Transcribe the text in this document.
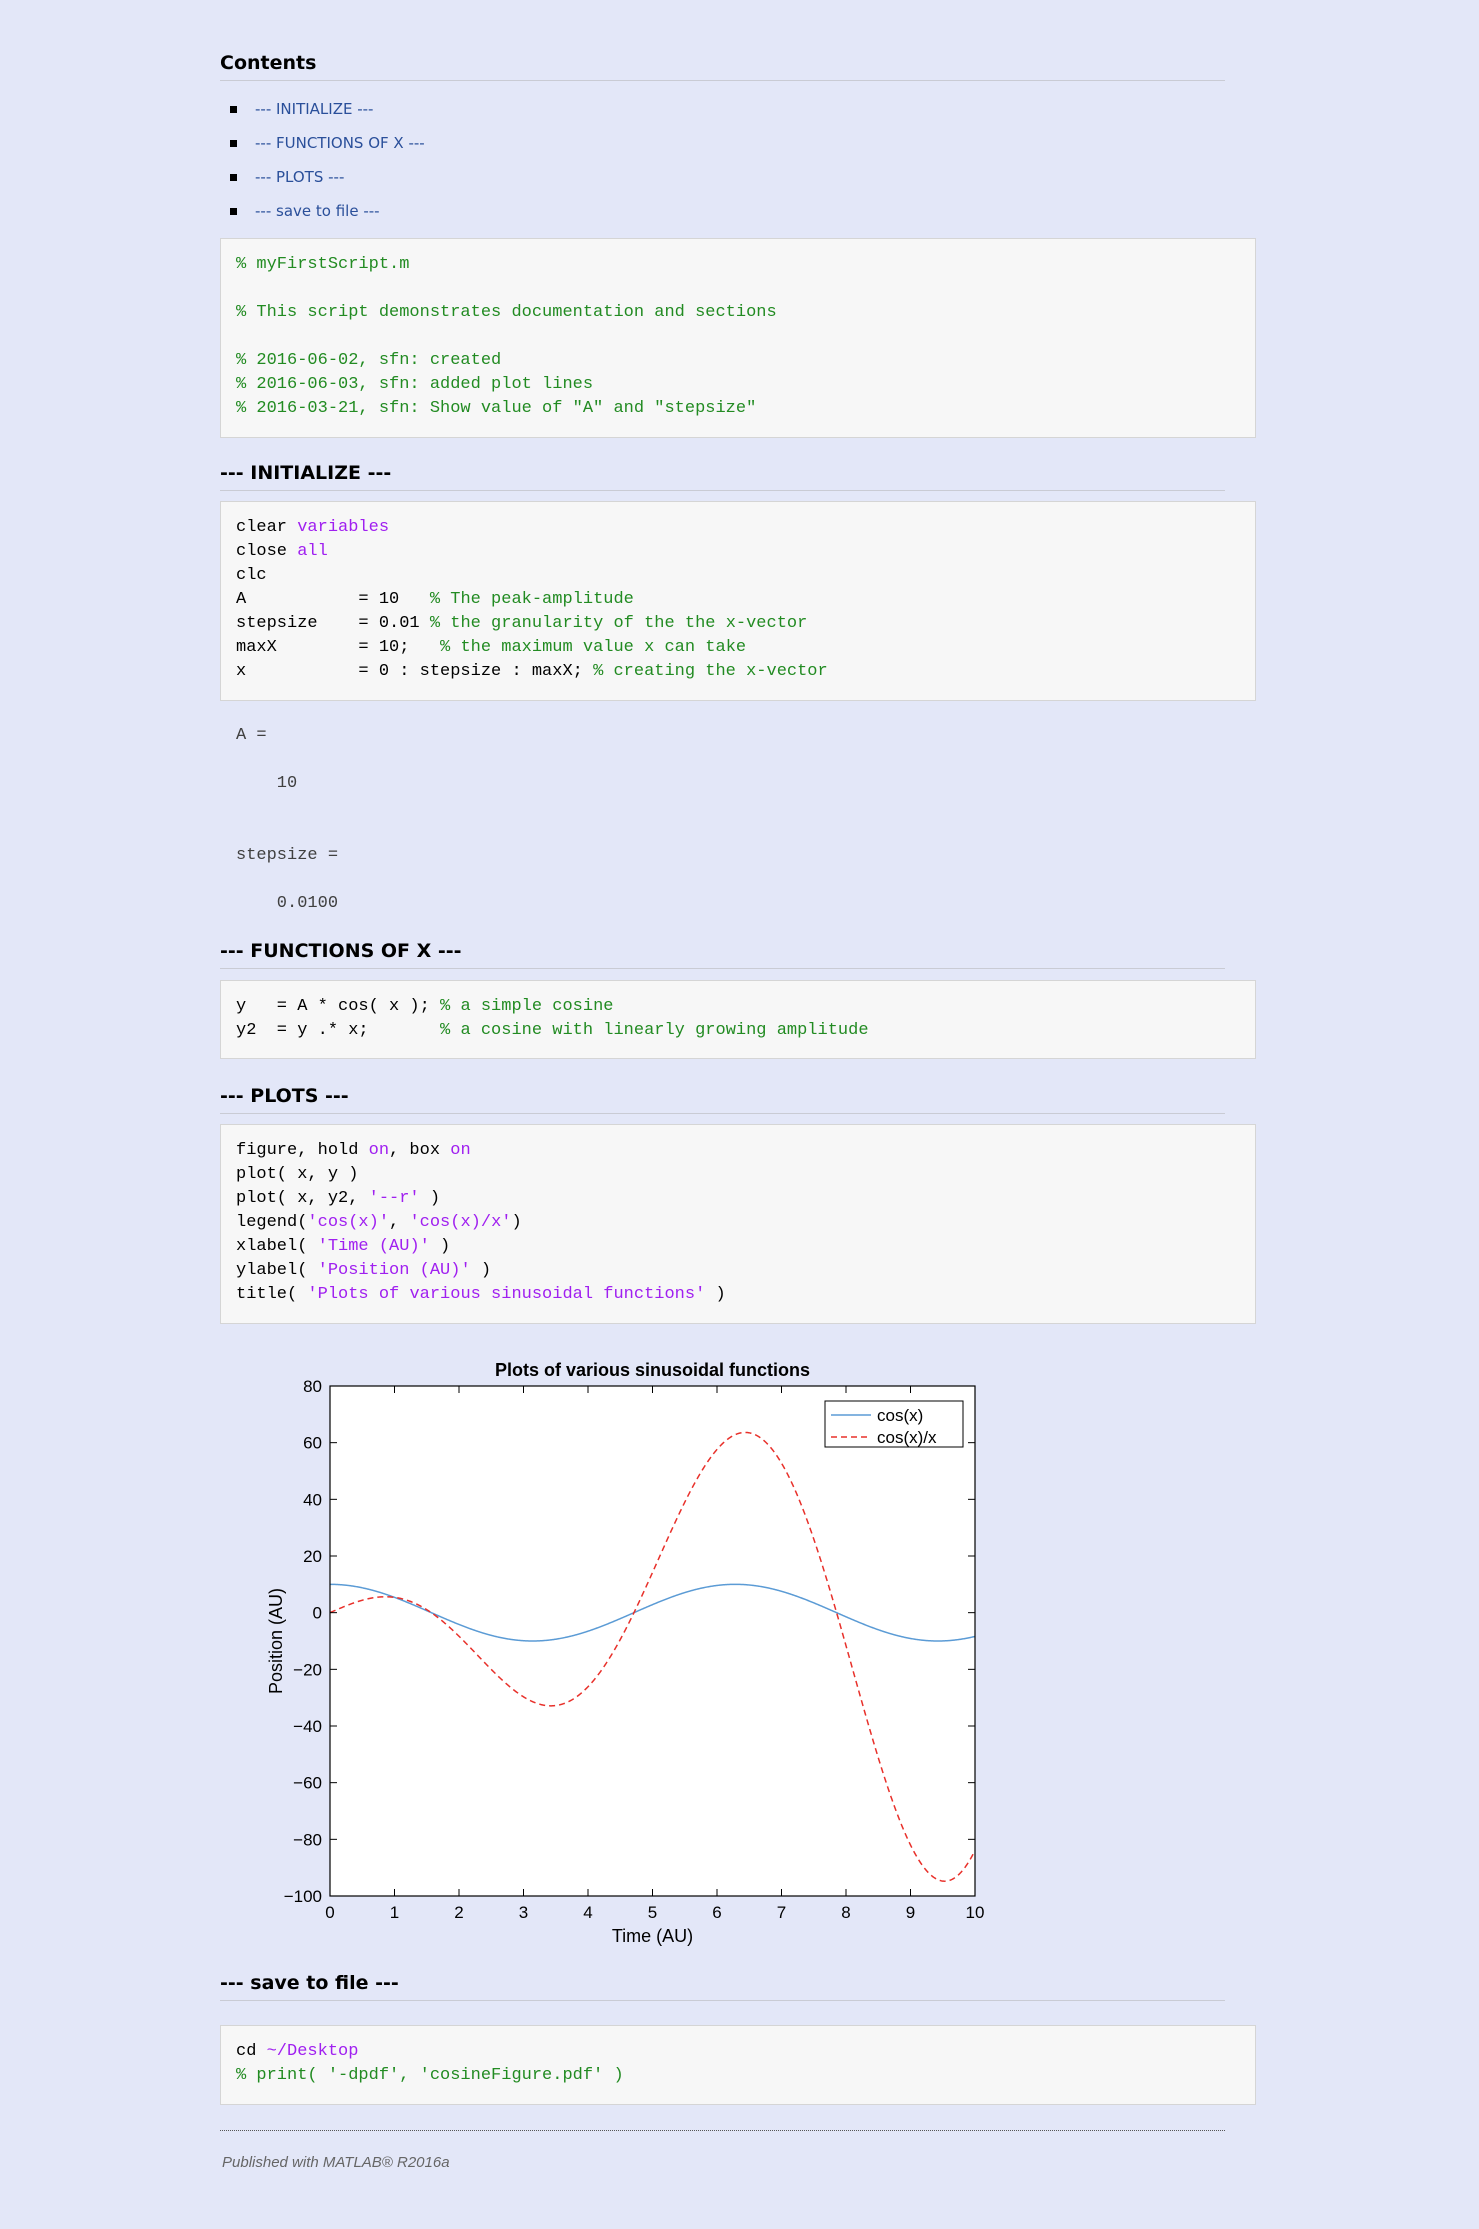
Contents
--- INITIALIZE ---
--- FUNCTIONS OF X ---
--- PLOTS ---
--- save to file ---
% myFirstScript.m

% This script demonstrates documentation and sections

% 2016-06-02, sfn: created
% 2016-06-03, sfn: added plot lines
% 2016-03-21, sfn: Show value of "A" and "stepsize"
--- INITIALIZE ---
clear variables
close all
clc
A           = 10   % The peak-amplitude
stepsize    = 0.01 % the granularity of the the x-vector
maxX        = 10;   % the maximum value x can take
x           = 0 : stepsize : maxX; % creating the x-vector
A =

10

stepsize =

0.0100
--- FUNCTIONS OF X ---
y   = A * cos( x ); % a simple cosine
y2  = y .* x;       % a cosine with linearly growing amplitude
--- PLOTS ---
figure, hold on, box on
plot( x, y )
plot( x, y2, '--r' )
legend('cos(x)', 'cos(x)/x')
xlabel( 'Time (AU)' )
ylabel( 'Position (AU)' )
title( 'Plots of various sinusoidal functions' )
0	1	2	3	4	5	6	7	8	9	10
−100
−80
−60
−40
−20
0
20
40
60
80
Plots of various sinusoidal functions
Time (AU)
Position (AU)
cos(x)
cos(x)/x
--- save to file ---
cd ~/Desktop
% print( '-dpdf', 'cosineFigure.pdf' )
Published with MATLAB® R2016a
